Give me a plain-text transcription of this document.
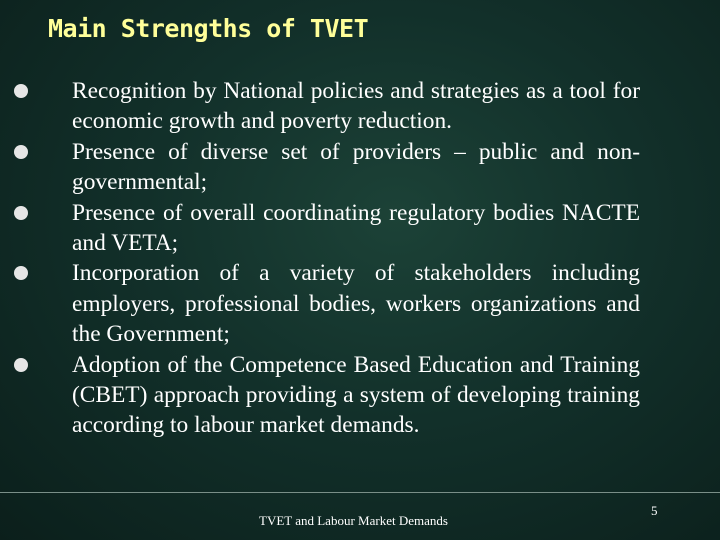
Main Strengths of TVET
Recognition by National policies and strategies as a tool for economic growth and poverty reduction.
Presence of diverse set of providers – public and non-governmental;
Presence of overall coordinating regulatory bodies NACTE and VETA;
Incorporation of a variety of stakeholders including employers, professional bodies, workers organizations and the Government;
Adoption of the Competence Based Education and Training (CBET) approach providing a system of developing training according to labour market demands.
TVET and Labour Market Demands
5
